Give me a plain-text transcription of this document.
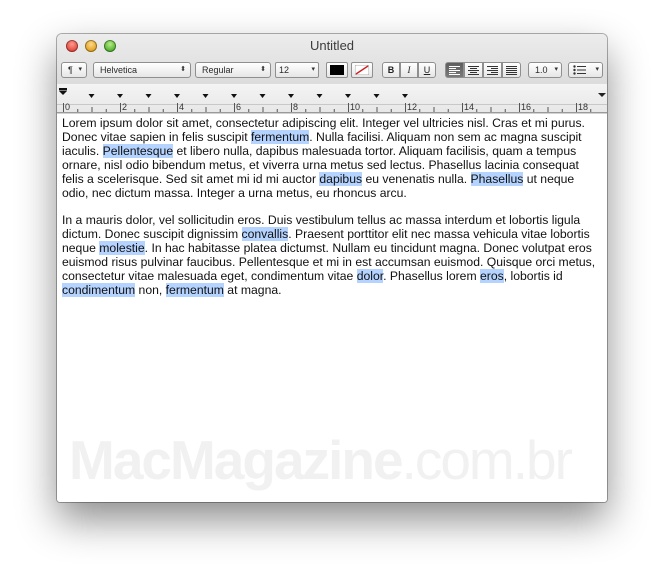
Untitled
¶ ▾ Helvetica	⬍ Regular	⬍ 12	▾	B	I	U	1.0 ▾	▾
0	2	4	6	8	10	12	14	16	18

Lorem ipsum dolor sit amet, consectetur adipiscing elit. Integer vel ultricies nisl. Cras et mi purus. Donec vitae sapien in felis suscipit fermentum. Nulla facilisi. Aliquam non sem ac magna suscipit iaculis. Pellentesque et libero nulla, dapibus malesuada tortor. Aliquam facilisis, quam a tempus ornare, nisl odio bibendum metus, et viverra urna metus sed lectus. Phasellus lacinia consequat felis a scelerisque. Sed sit amet mi id mi auctor dapibus eu venenatis nulla. Phasellus ut neque odio, nec dictum massa. Integer a urna metus, eu rhoncus arcu.

In a mauris dolor, vel sollicitudin eros. Duis vestibulum tellus ac massa interdum et lobortis ligula dictum. Donec suscipit dignissim convallis. Praesent porttitor elit nec massa vehicula vitae lobortis neque molestie. In hac habitasse platea dictumst. Nullam eu tincidunt magna. Donec volutpat eros euismod risus pulvinar faucibus. Pellentesque et mi in est accumsan euismod. Quisque orci metus, consectetur vitae malesuada eget, condimentum vitae dolor. Phasellus lorem eros, lobortis id condimentum non, fermentum at magna.

MacMagazine.com.br
